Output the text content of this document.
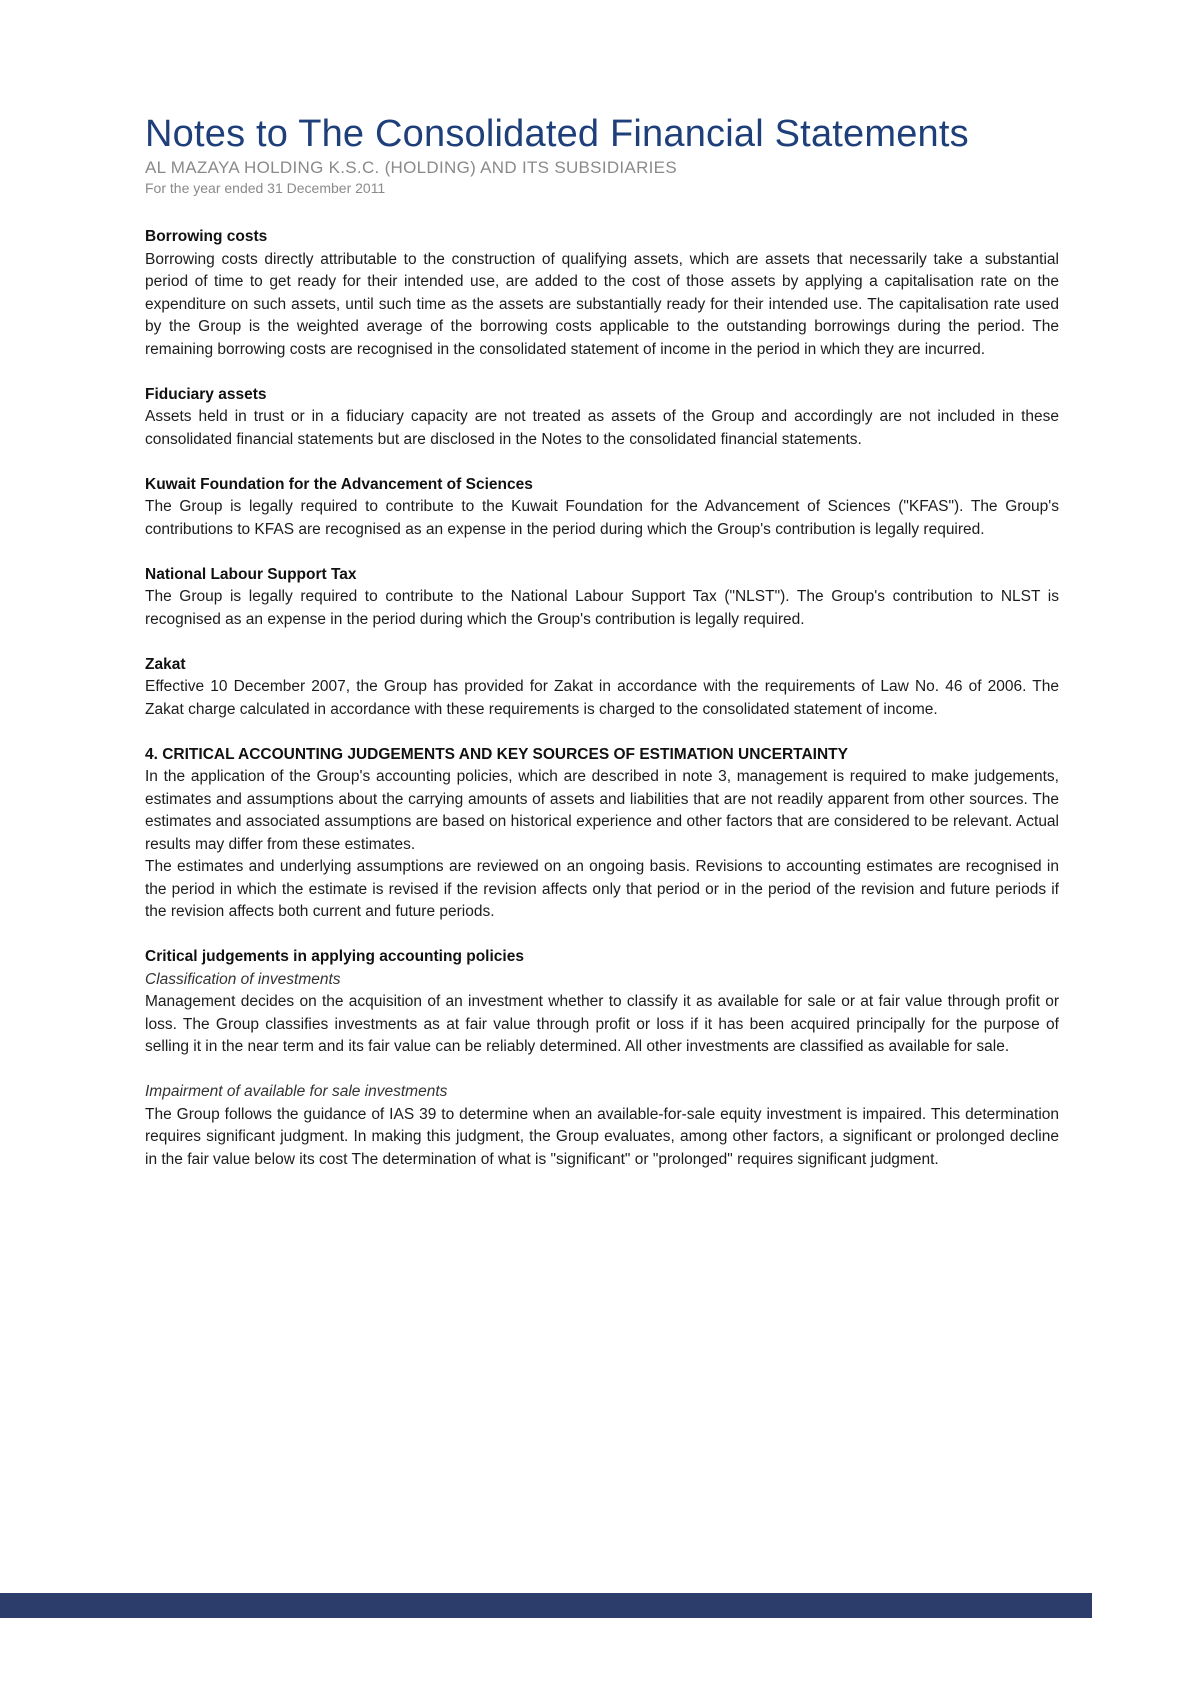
Notes to The Consolidated Financial Statements
AL MAZAYA HOLDING K.S.C. (HOLDING) AND ITS SUBSIDIARIES
For the year ended 31 December 2011
Borrowing costs

Borrowing costs directly attributable to the construction of qualifying assets, which are assets that necessarily take a substantial period of time to get ready for their intended use, are added to the cost of those assets by applying a capitalisation rate on the expenditure on such assets, until such time as the assets are substantially ready for their intended use. The capitalisation rate used by the Group is the weighted average of the borrowing costs applicable to the outstanding borrowings during the period. The remaining borrowing costs are recognised in the consolidated statement of income in the period in which they are incurred.

Fiduciary assets

Assets held in trust or in a fiduciary capacity are not treated as assets of the Group and accordingly are not included in these consolidated financial statements but are disclosed in the Notes to the consolidated financial statements.

Kuwait Foundation for the Advancement of Sciences

The Group is legally required to contribute to the Kuwait Foundation for the Advancement of Sciences ("KFAS"). The Group's contributions to KFAS are recognised as an expense in the period during which the Group's contribution is legally required.

National Labour Support Tax

The Group is legally required to contribute to the National Labour Support Tax ("NLST"). The Group's contribution to NLST is recognised as an expense in the period during which the Group's contribution is legally required.

Zakat

Effective 10 December 2007, the Group has provided for Zakat in accordance with the requirements of Law No. 46 of 2006. The Zakat charge calculated in accordance with these requirements is charged to the consolidated statement of income.

4. CRITICAL ACCOUNTING JUDGEMENTS AND KEY SOURCES OF ESTIMATION UNCERTAINTY

In the application of the Group's accounting policies, which are described in note 3, management is required to make judgements, estimates and assumptions about the carrying amounts of assets and liabilities that are not readily apparent from other sources. The estimates and associated assumptions are based on historical experience and other factors that are considered to be relevant. Actual results may differ from these estimates.

The estimates and underlying assumptions are reviewed on an ongoing basis. Revisions to accounting estimates are recognised in the period in which the estimate is revised if the revision affects only that period or in the period of the revision and future periods if the revision affects both current and future periods.

Critical judgements in applying accounting policies
Classification of investments

Management decides on the acquisition of an investment whether to classify it as available for sale or at fair value through profit or loss. The Group classifies investments as at fair value through profit or loss if it has been acquired principally for the purpose of selling it in the near term and its fair value can be reliably determined. All other investments are classified as available for sale.

Impairment of available for sale investments

The Group follows the guidance of IAS 39 to determine when an available-for-sale equity investment is impaired. This determination requires significant judgment. In making this judgment, the Group evaluates, among other factors, a significant or prolonged decline in the fair value below its cost The determination of what is "significant" or "prolonged" requires significant judgment.
